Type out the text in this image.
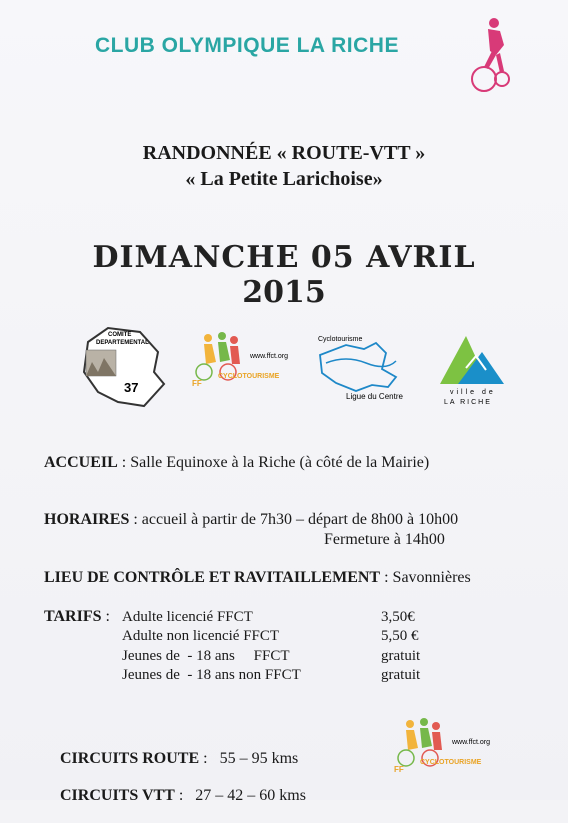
CLUB OLYMPIQUE LA RICHE
RANDONNÉE « ROUTE-VTT »
« La Petite Larichoise»
DIMANCHE 05 AVRIL
2015
COMITE
DEPARTEMENTAL
37
www.ffct.org
FF
CYCLOTOURISME
Cyclotourisme
Ligue du Centre	ville de
LA RICHE
ACCUEIL : Salle Equinoxe à la Riche (à côté de la Mairie)
HORAIRES : accueil à partir de 7h30 – départ de 8h00 à 10h00
Fermeture à 14h00
LIEU DE CONTRÔLE ET RAVITAILLEMENT : Savonnières
TARIFS : Adulte licencié FFCT	3,50€
Adulte non licencié FFCT	5,50 €
Jeunes de  - 18 ans     FFCT	gratuit
Jeunes de  - 18 ans non FFCT	gratuit

CIRCUITS ROUTE :   55 – 95 kms

CIRCUITS VTT :   27 – 42 – 60 kms

www.ffct.org
FF
CYCLOTOURISME
